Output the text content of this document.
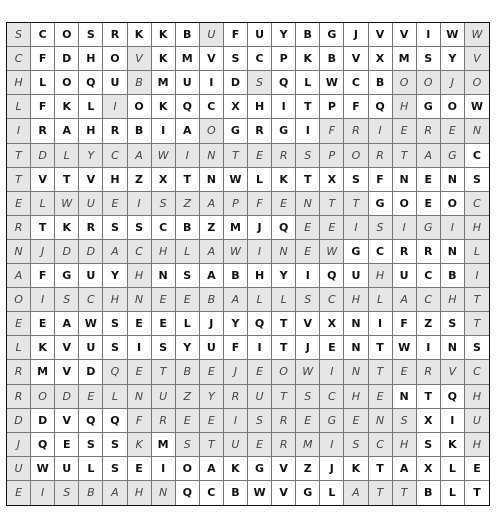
S	C	O	S	R	K	K	B	U	F	U	Y	B	G	J	V	V	I	W	W
C	F	D	H	O	V	K	M	V	S	C	P	K	B	V	X	M	S	Y	V
H	L	O	Q	U	B	M	U	I	D	S	Q	L	W	C	B	O	O	J	O
L	F	K	L	I	O	K	Q	C	X	H	I	T	P	F	Q	H	G	O	W
I	R	A	H	R	B	I	A	O	G	R	G	I	F	R	I	E	R	E	N
T	D	L	Y	C	A	W	I	N	T	E	R	S	P	O	R	T	A	G	C
T	V	T	V	H	Z	X	T	N	W	L	K	T	X	S	F	N	E	N	S
E	L	W	U	E	I	S	Z	A	P	F	E	N	T	T	G	O	E	O	C
R	T	K	R	S	S	C	B	Z	M	J	Q	E	E	I	S	I	G	I	H
N	J	D	D	A	C	H	L	A	W	I	N	E	W	G	C	R	R	N	L
A	F	G	U	Y	H	N	S	A	B	H	Y	I	Q	U	H	U	C	B	I
O	I	S	C	H	N	E	E	B	A	L	L	S	C	H	L	A	C	H	T
E	E	A	W	S	E	E	L	J	Y	Q	T	V	X	N	I	F	Z	S	T
L	K	V	U	S	I	S	Y	U	F	I	T	J	E	N	T	W	I	N	S
R	M	V	D	Q	E	T	B	E	J	E	O	W	I	N	T	E	R	V	C
R	O	D	E	L	N	U	Z	Y	R	U	T	S	C	H	E	N	T	Q	H
D	D	V	Q	Q	F	R	E	E	I	S	R	E	G	E	N	S	X	I	U
J	Q	E	S	S	K	M	S	T	U	E	R	M	I	S	C	H	S	K	H
U	W	U	L	S	E	I	O	A	K	G	V	Z	J	K	T	A	X	L	E
E	I	S	B	A	H	N	Q	C	B	W	V	G	L	A	T	T	B	L	T
